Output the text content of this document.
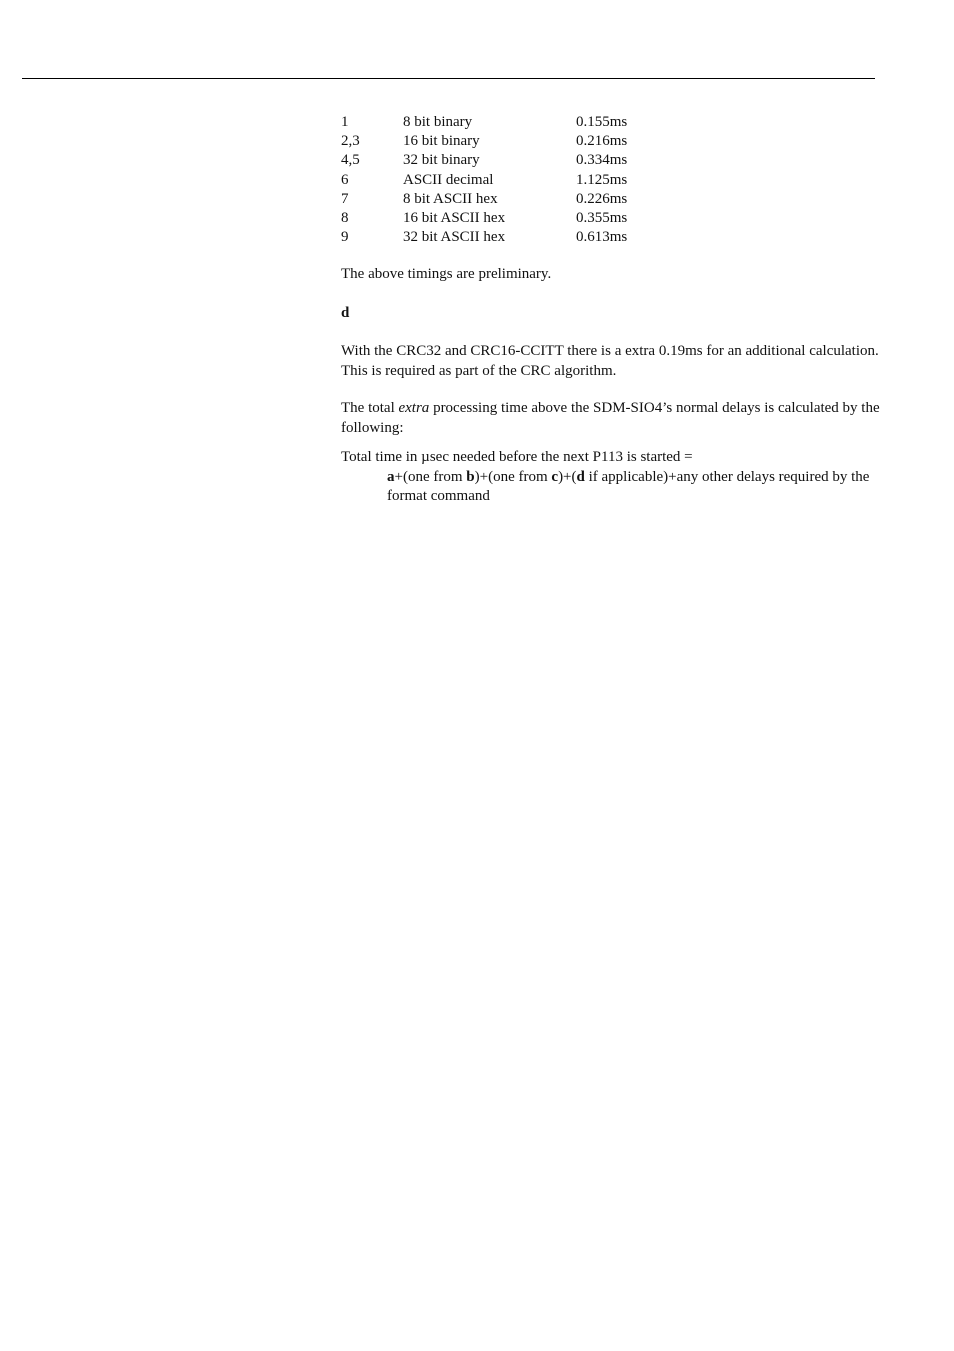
1	8 bit binary	0.155ms
2,3	16 bit binary	0.216ms
4,5	32 bit binary	0.334ms
6	ASCII decimal	1.125ms
7	8 bit ASCII hex	0.226ms
8	16 bit ASCII hex	0.355ms
9	32 bit ASCII hex	0.613ms

The above timings are preliminary.

d

With the CRC32 and CRC16-CCITT there is a extra 0.19ms for an additional calculation. This is required as part of the CRC algorithm.

The total extra processing time above the SDM-SIO4’s normal delays is calculated by the following:

Total time in µsec needed before the next P113 is started =

a+(one from b)+(one from c)+(d if applicable)+any other delays required by the format command
